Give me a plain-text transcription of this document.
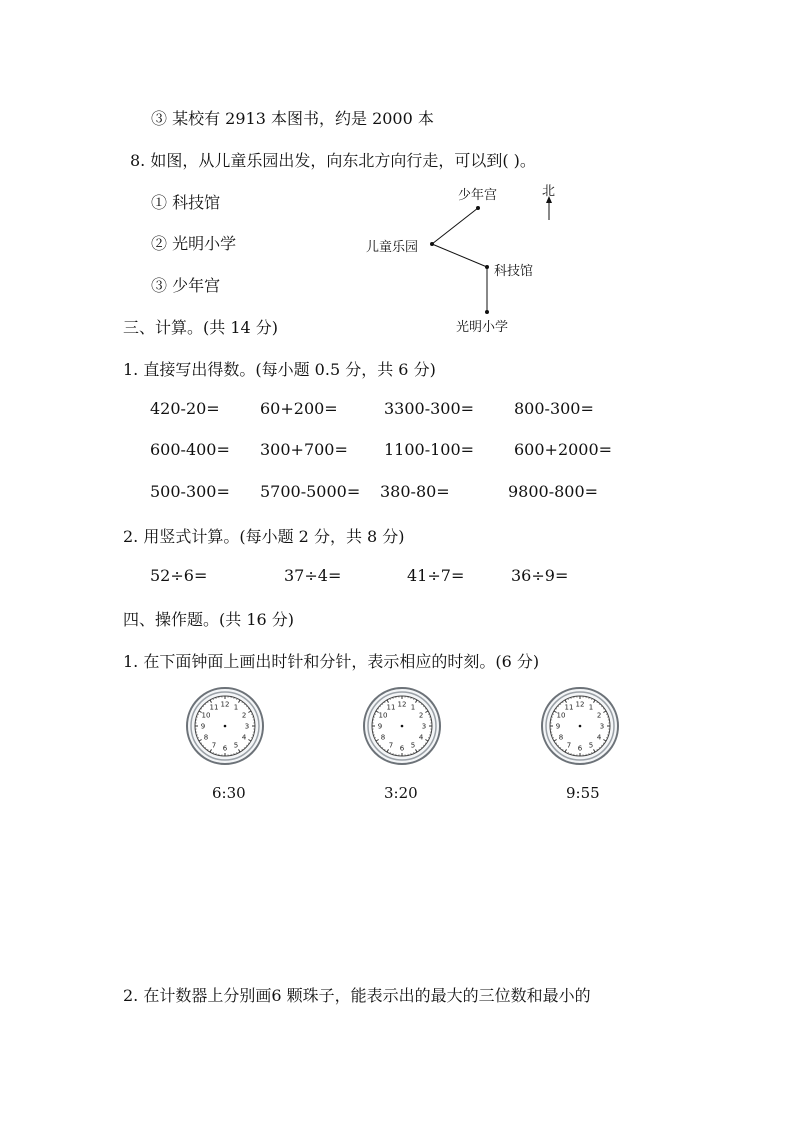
③ 某校有 2913 本图书，约是 2000 本
8. 如图，从儿童乐园出发，向东北方向行走，可以到( )。
① 科技馆
② 光明小学
③ 少年宫
北
少年宫
儿童乐园
科技馆
光明小学
三、计算。(共 14 分)
1. 直接写出得数。(每小题 0.5 分，共 6 分)
420-20=	60+200=	3300-300= 800-300=
600-400= 300+700= 1100-100= 600+2000=
500-300= 5700-5000= 380-80=	9800-800=
2. 用竖式计算。(每小题 2 分，共 8 分)
52÷6=	37÷4=	41÷7=	36÷9=
四、操作题。(共 16 分)
1. 在下面钟面上画出时针和分针，表示相应的时刻。(6 分)
1
2
3
4
5
6
7
8
9
10
11 12	1
2
3
4
5
6
7
8
9
10
11 12	1
2
3
4
5
6
7
8
9
10
11 12
6:30	3:20	9:55
2. 在计数器上分别画6 颗珠子，能表示出的最大的三位数和最小的
